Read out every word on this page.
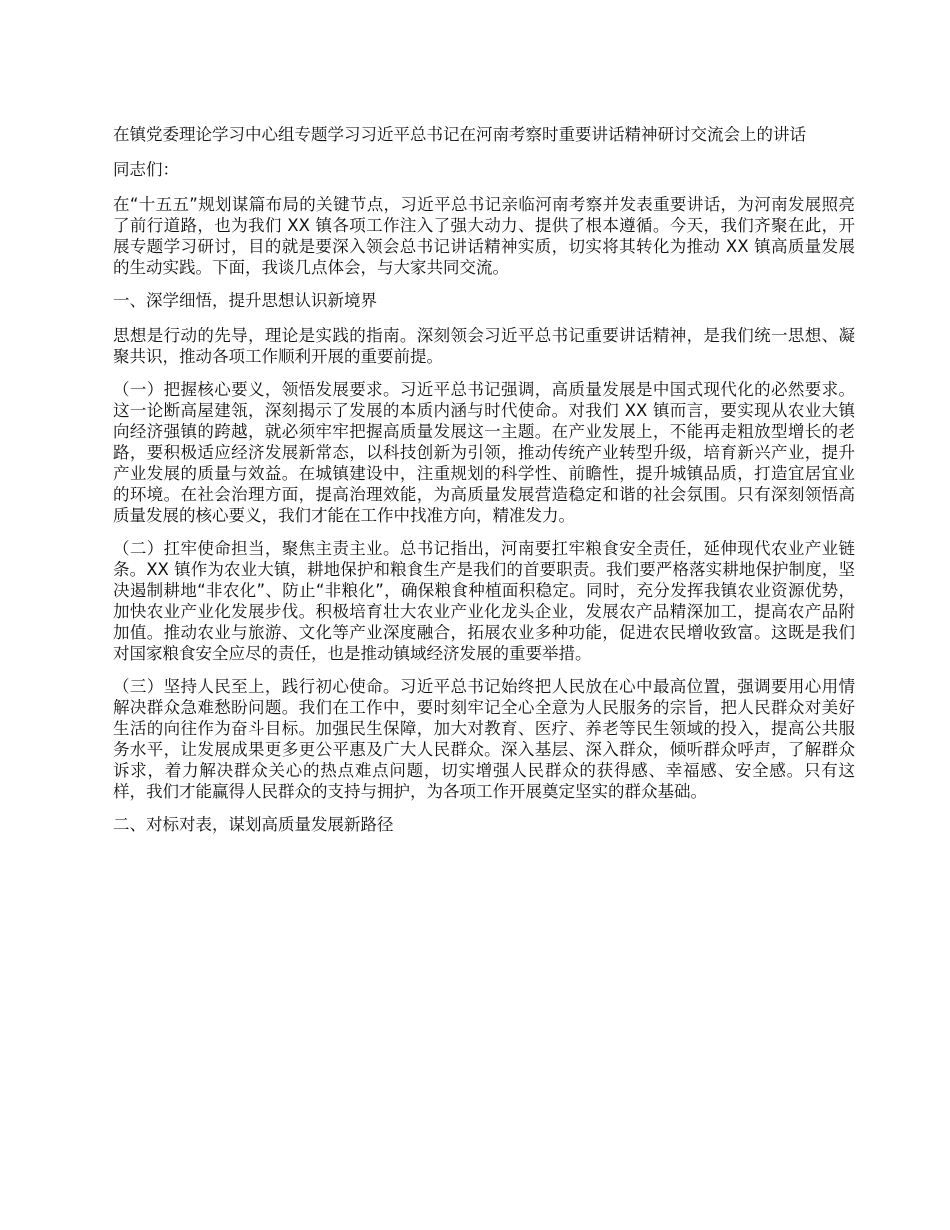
在镇党委理论学习中心组专题学习习近平总书记在河南考察时重要讲话精神研讨交流会上的讲话

同志们：

在“十五五”规划谋篇布局的关键节点，习近平总书记亲临河南考察并发表重要讲话，为河南发展照亮了前行道路，也为我们 XX 镇各项工作注入了强大动力、提供了根本遵循。今天，我们齐聚在此，开展专题学习研讨，目的就是要深入领会总书记讲话精神实质，切实将其转化为推动 XX 镇高质量发展的生动实践。下面，我谈几点体会，与大家共同交流。

一、深学细悟，提升思想认识新境界

思想是行动的先导，理论是实践的指南。深刻领会习近平总书记重要讲话精神，是我们统一思想、凝聚共识，推动各项工作顺利开展的重要前提。

（一）把握核心要义，领悟发展要求。习近平总书记强调，高质量发展是中国式现代化的必然要求。这一论断高屋建瓴，深刻揭示了发展的本质内涵与时代使命。对我们 XX 镇而言，要实现从农业大镇向经济强镇的跨越，就必须牢牢把握高质量发展这一主题。在产业发展上，不能再走粗放型增长的老路，要积极适应经济发展新常态，以科技创新为引领，推动传统产业转型升级，培育新兴产业，提升产业发展的质量与效益。在城镇建设中，注重规划的科学性、前瞻性，提升城镇品质，打造宜居宜业的环境。在社会治理方面，提高治理效能，为高质量发展营造稳定和谐的社会氛围。只有深刻领悟高质量发展的核心要义，我们才能在工作中找准方向，精准发力。

（二）扛牢使命担当，聚焦主责主业。总书记指出，河南要扛牢粮食安全责任，延伸现代农业产业链条。XX 镇作为农业大镇，耕地保护和粮食生产是我们的首要职责。我们要严格落实耕地保护制度，坚决遏制耕地“非农化”、防止“非粮化”，确保粮食种植面积稳定。同时，充分发挥我镇农业资源优势，加快农业产业化发展步伐。积极培育壮大农业产业化龙头企业，发展农产品精深加工，提高农产品附加值。推动农业与旅游、文化等产业深度融合，拓展农业多种功能，促进农民增收致富。这既是我们对国家粮食安全应尽的责任，也是推动镇域经济发展的重要举措。

（三）坚持人民至上，践行初心使命。习近平总书记始终把人民放在心中最高位置，强调要用心用情解决群众急难愁盼问题。我们在工作中，要时刻牢记全心全意为人民服务的宗旨，把人民群众对美好生活的向往作为奋斗目标。加强民生保障，加大对教育、医疗、养老等民生领域的投入，提高公共服务水平，让发展成果更多更公平惠及广大人民群众。深入基层、深入群众，倾听群众呼声，了解群众诉求，着力解决群众关心的热点难点问题，切实增强人民群众的获得感、幸福感、安全感。只有这样，我们才能赢得人民群众的支持与拥护，为各项工作开展奠定坚实的群众基础。

二、对标对表，谋划高质量发展新路径
